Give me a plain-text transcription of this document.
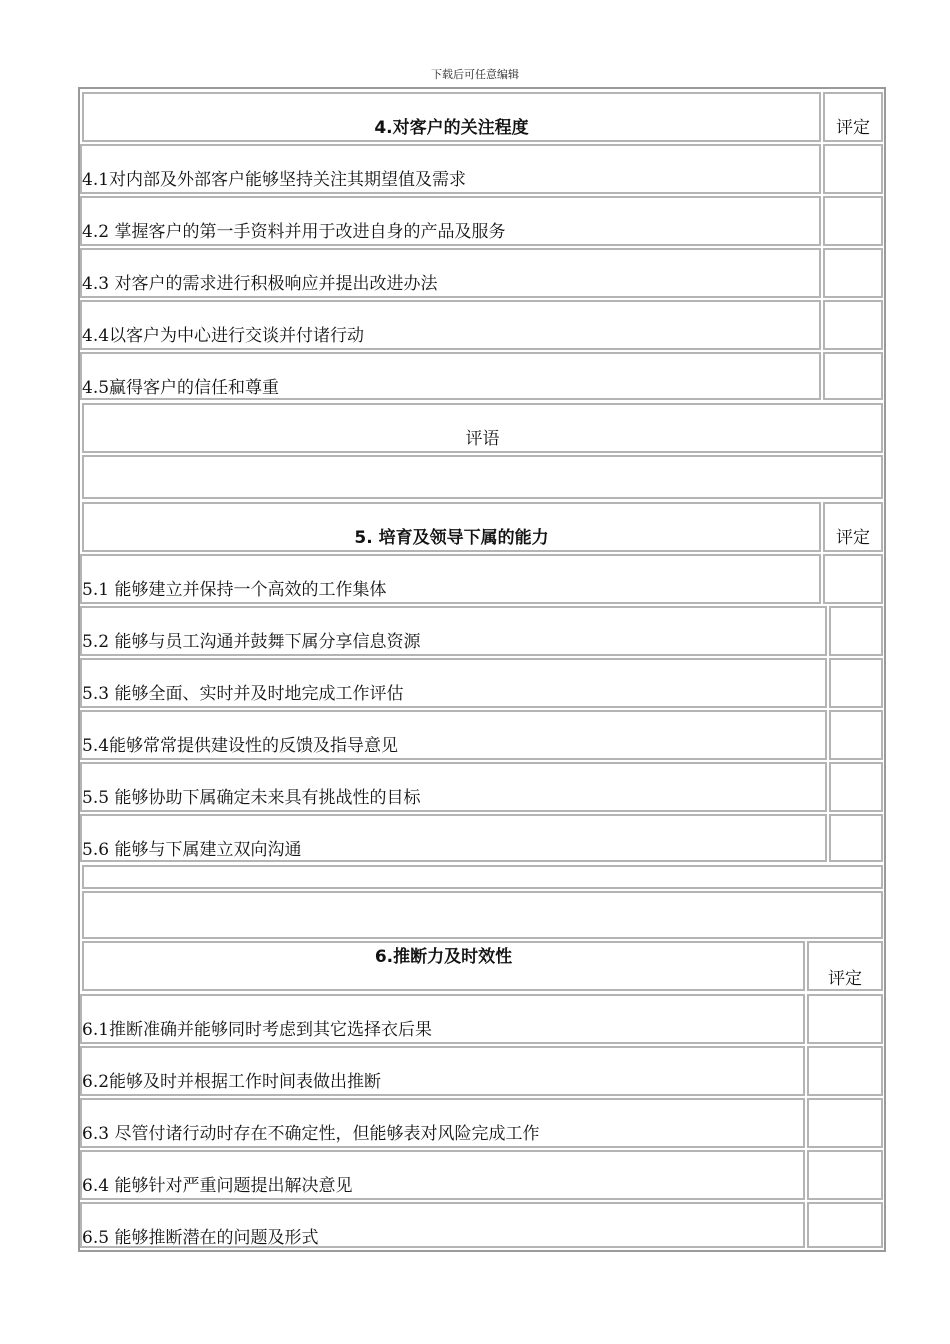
下载后可任意编辑
4.对客户的关注程度	评定
4.1对内部及外部客户能够坚持关注其期望值及需求
4.2 掌握客户的第一手资料并用于改进自身的产品及服务
4.3 对客户的需求进行积极响应并提出改进办法
4.4以客户为中心进行交谈并付诸行动
4.5赢得客户的信任和尊重
评语
5. 培育及领导下属的能力	评定
5.1 能够建立并保持一个高效的工作集体
5.2 能够与员工沟通并鼓舞下属分享信息资源
5.3 能够全面、实时并及时地完成工作评估
5.4能够常常提供建设性的反馈及指导意见
5.5 能够协助下属确定未来具有挑战性的目标
5.6 能够与下属建立双向沟通
6.推断力及时效性
评定
6.1推断准确并能够同时考虑到其它选择衣后果
6.2能够及时并根据工作时间表做出推断
6.3 尽管付诸行动时存在不确定性，但能够表对风险完成工作
6.4 能够针对严重问题提出解决意见
6.5 能够推断潜在的问题及形式
